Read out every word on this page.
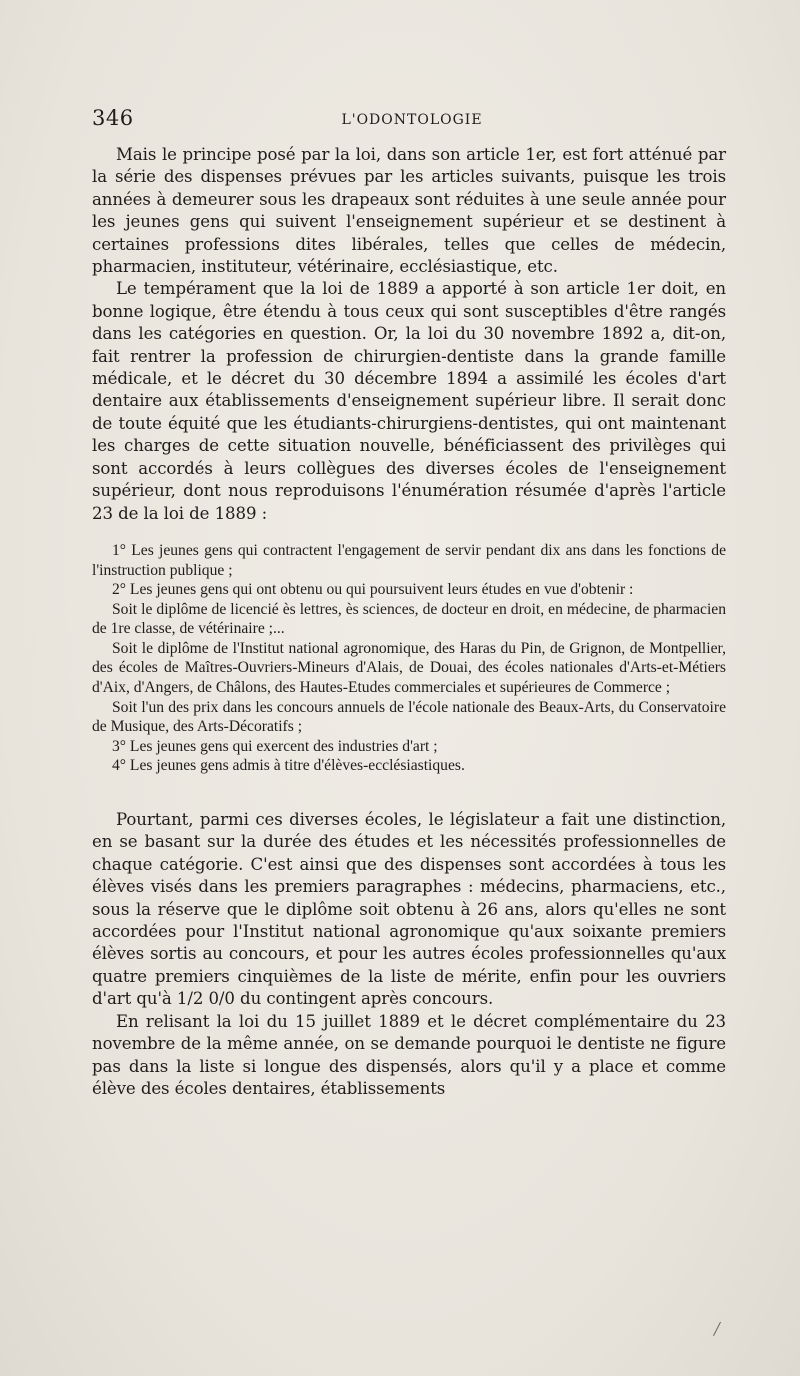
346	L'ODONTOLOGIE

Mais le principe posé par la loi, dans son article 1er, est fort atténué par la série des dispenses prévues par les articles suivants, puisque les trois années à demeurer sous les drapeaux sont réduites à une seule année pour les jeunes gens qui suivent l'enseignement supérieur et se destinent à certaines professions dites libérales, telles que celles de médecin, pharmacien, instituteur, vétérinaire, ecclésiastique, etc.

Le tempérament que la loi de 1889 a apporté à son article 1er doit, en bonne logique, être étendu à tous ceux qui sont susceptibles d'être rangés dans les catégories en question. Or, la loi du 30 novembre 1892 a, dit-on, fait rentrer la profession de chirurgien-dentiste dans la grande famille médicale, et le décret du 30 décembre 1894 a assimilé les écoles d'art dentaire aux établissements d'enseignement supérieur libre. Il serait donc de toute équité que les étudiants-chirurgiens-dentistes, qui ont maintenant les charges de cette situation nouvelle, bénéficiassent des privilèges qui sont accordés à leurs collègues des diverses écoles de l'enseignement supérieur, dont nous reproduisons l'énumération résumée d'après l'article 23 de la loi de 1889 :

1° Les jeunes gens qui contractent l'engagement de servir pendant dix ans dans les fonctions de l'instruction publique ;

2° Les jeunes gens qui ont obtenu ou qui poursuivent leurs études en vue d'obtenir :

Soit le diplôme de licencié ès lettres, ès sciences, de docteur en droit, en médecine, de pharmacien de 1re classe, de vétérinaire ;...

Soit le diplôme de l'Institut national agronomique, des Haras du Pin, de Grignon, de Montpellier, des écoles de Maîtres-Ouvriers-Mineurs d'Alais, de Douai, des écoles nationales d'Arts-et-Métiers d'Aix, d'Angers, de Châlons, des Hautes-Etudes commerciales et supérieures de Commerce ;

Soit l'un des prix dans les concours annuels de l'école nationale des Beaux-Arts, du Conservatoire de Musique, des Arts-Décoratifs ;

3° Les jeunes gens qui exercent des industries d'art ;

4° Les jeunes gens admis à titre d'élèves-ecclésiastiques.

Pourtant, parmi ces diverses écoles, le législateur a fait une distinction, en se basant sur la durée des études et les nécessités professionnelles de chaque catégorie. C'est ainsi que des dispenses sont accordées à tous les élèves visés dans les premiers paragraphes : médecins, pharmaciens, etc., sous la réserve que le diplôme soit obtenu à 26 ans, alors qu'elles ne sont accordées pour l'Institut national agronomique qu'aux soixante premiers élèves sortis au concours, et pour les autres écoles professionnelles qu'aux quatre premiers cinquièmes de la liste de mérite, enfin pour les ouvriers d'art qu'à 1/2 0/0 du contingent après concours.

En relisant la loi du 15 juillet 1889 et le décret complémentaire du 23 novembre de la même année, on se demande pourquoi le dentiste ne figure pas dans la liste si longue des dispensés, alors qu'il y a place et comme élève des écoles dentaires, établissements

/
